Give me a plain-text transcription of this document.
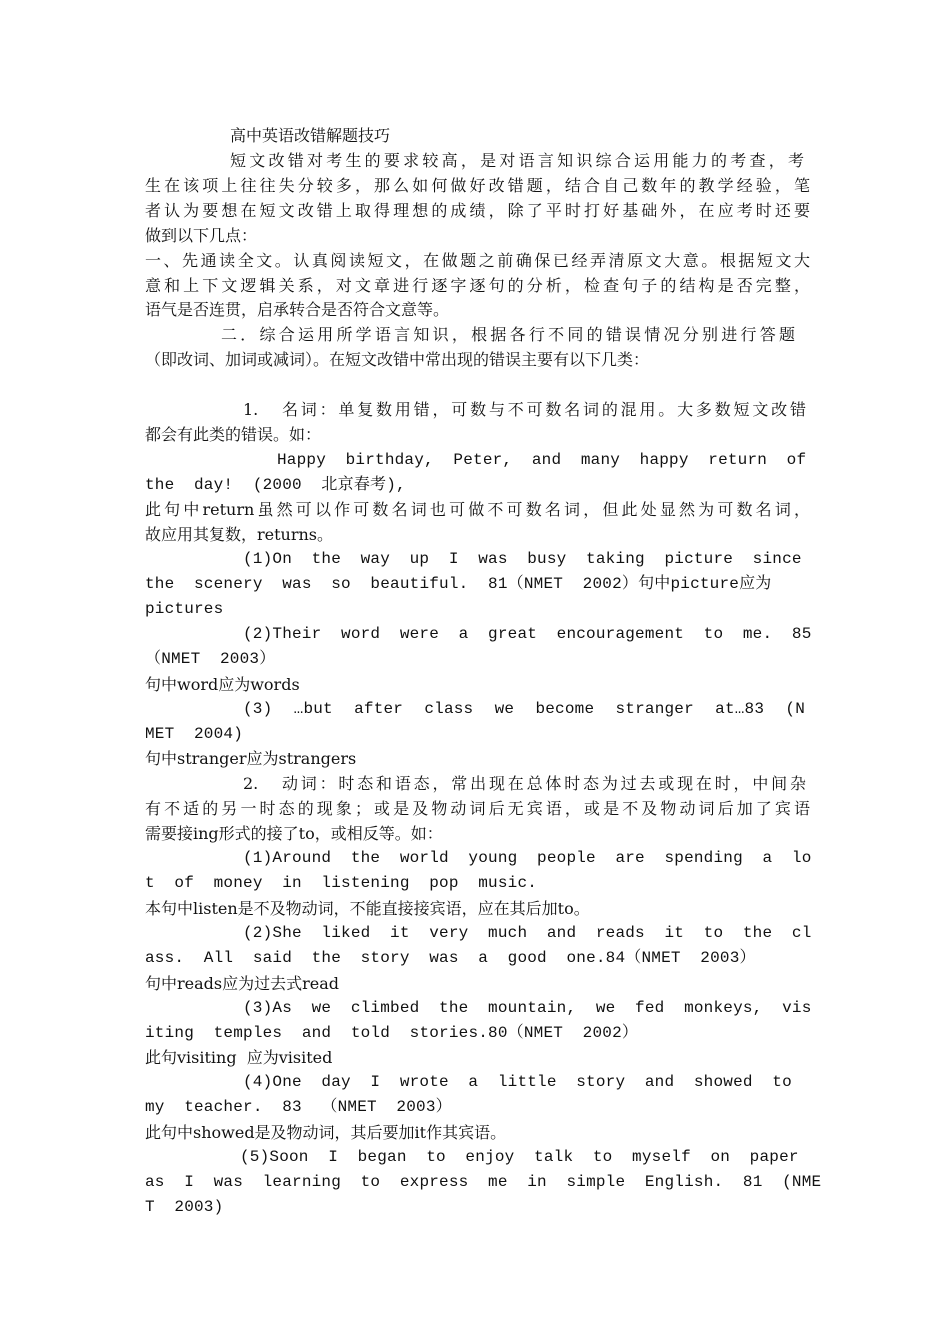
高中英语改错解题技巧
短文改错对考生的要求较高，是对语言知识综合运用能力的考查，考
生在该项上往往失分较多，那么如何做好改错题，结合自己数年的教学经验，笔
者认为要想在短文改错上取得理想的成绩，除了平时打好基础外，在应考时还要
做到以下几点：
一、先通读全文。认真阅读短文，在做题之前确保已经弄清原文大意。根据短文大
意和上下文逻辑关系，对文章进行逐字逐句的分析，检查句子的结构是否完整，
语气是否连贯，启承转合是否符合文意等。
二．综合运用所学语言知识，根据各行不同的错误情况分别进行答题
（即改词、加词或减词）。在短文改错中常出现的错误主要有以下几类：
1.   名词：单复数用错，可数与不可数名词的混用。大多数短文改错
都会有此类的错误。如：
Happy  birthday,  Peter,  and  many  happy  return  of
the  day!  (2000  北京春考),
此句中return虽然可以作可数名词也可做不可数名词，但此处显然为可数名词，
故应用其复数，returns。
(1)On  the  way  up  I  was  busy  taking  picture  since
the  scenery  was  so  beautiful.  81（NMET  2002）句中picture应为
pictures
(2)Their  word  were  a  great  encouragement  to  me.  85
（NMET  2003）
句中word应为words
(3)  …but  after  class  we  become  stranger  at…83  (N
MET  2004)
句中stranger应为strangers
2.   动词：时态和语态，常出现在总体时态为过去或现在时，中间杂
有不适的另一时态的现象；或是及物动词后无宾语，或是不及物动词后加了宾语
需要接ing形式的接了to，或相反等。如：
(1)Around  the  world  young  people  are  spending  a  lo
t  of  money  in  listening  pop  music.
本句中listen是不及物动词，不能直接接宾语，应在其后加to。
(2)She  liked  it  very  much  and  reads  it  to  the  cl
ass.  All  said  the  story  was  a  good  one.84（NMET  2003）
句中reads应为过去式read
(3)As  we  climbed  the  mountain,  we  fed  monkeys,  vis
iting  temples  and  told  stories.80（NMET  2002）
此句visiting  应为visited
(4)One  day  I  wrote  a  little  story  and  showed  to
my  teacher.  83  （NMET  2003）
此句中showed是及物动词，其后要加it作其宾语。
(5)Soon  I  began  to  enjoy  talk  to  myself  on  paper
as  I  was  learning  to  express  me  in  simple  English.  81  (NME
T  2003)
